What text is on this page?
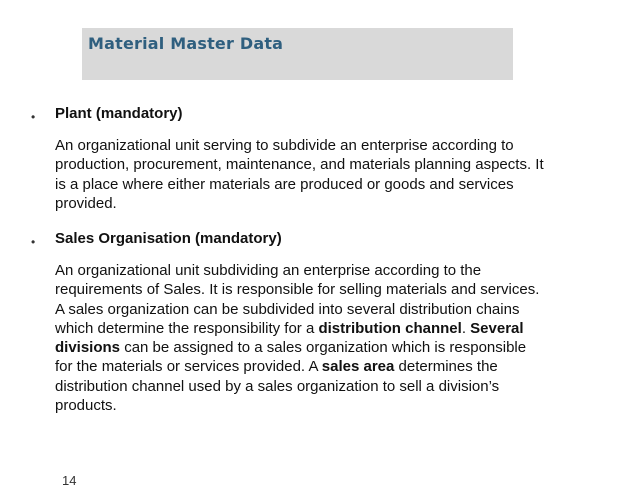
Material Master Data
• Plant (mandatory)
An organizational unit serving to subdivide an enterprise according to
production, procurement, maintenance, and materials planning aspects. It
is a place where either materials are produced or goods and services
provided.
• Sales Organisation (mandatory)
An organizational unit subdividing an enterprise according to the
requirements of Sales. It is responsible for selling materials and services.
A sales organization can be subdivided into several distribution chains
which determine the responsibility for a distribution channel. Several
divisions can be assigned to a sales organization which is responsible
for the materials or services provided. A sales area determines the
distribution channel used by a sales organization to sell a division’s
products.
14
